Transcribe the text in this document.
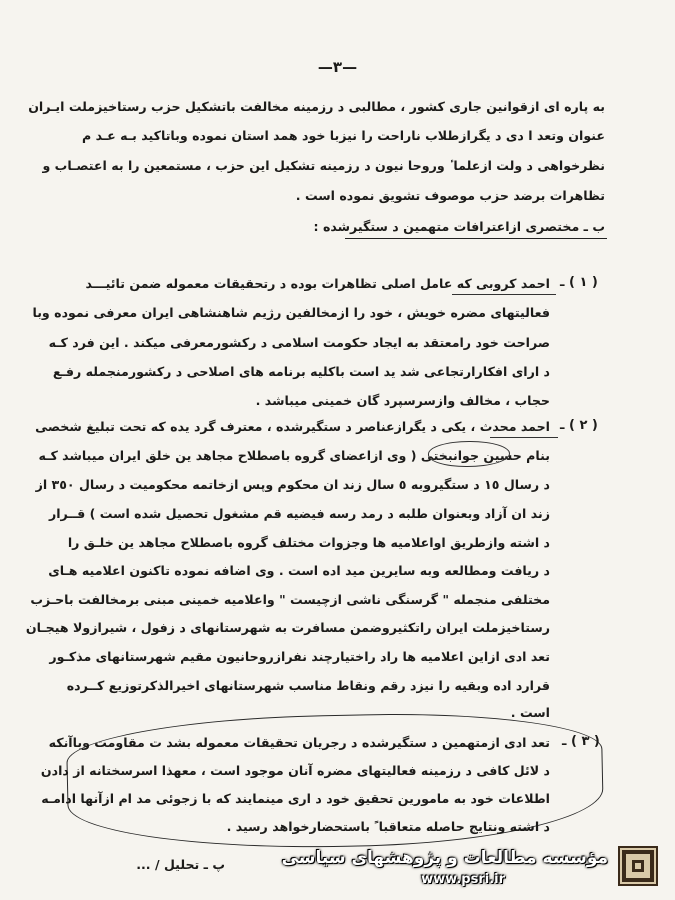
—٣—
به پاره ای ازقوانین جاری کشور ، مطالبی د رزمینه مخالفت باتشکیل حزب رستاخیزملت ایـران
عنوان وتعد ا دی د یگرازطلاب ناراحت را نیزبا خود همد استان نموده وباتاکید بـه عـد م
نظرخواهی د ولت ازعلما ٔ وروحا نیون د رزمینه تشکیل این حزب ، مستمعین را به اعتصـاب و
تظاهرات برضد حزب موصوف تشویق نموده است .
ب ـ مختصری ازاعترافات متهمین د ستگیرشده :
( ١ ) ـ
احمد کروبی که عامل اصلی تظاهرات بوده د رتحقیقات معموله ضمن تائیـــد
فعالیتهای مضره خویش ، خود را ازمخالفین رژیم شاهنشاهی ایران معرفی نموده وبا
صراحت خود رامعتقد به ایجاد حکومت اسلامی د رکشورمعرفی میکند . این فرد کـه
د ارای افکارارتجاعی شد ید است باکلیه برنامه های اصلاحی د رکشورمنجمله رفـع
حجاب ، مخالف وازسرسپرد گان خمینی میباشد .
( ٢ ) ـ
احمد محدث ، یکی د یگرازعناصر د ستگیرشده ، معترف گرد یده که تحت تبلیغ شخصی
بنام حسین جوانبختی ( وی ازاعضای گروه باصطلاح مجاهد ین خلق ایران میباشد کـه
د رسال ١٥ د ستگیروبه ٥ سال زند ان محکوم وپس ازخاتمه محکومیت د رسال ٣٥٠ از
زند ان آزاد وبعنوان طلبه د رمد رسه فیضیه قم مشغول تحصیل شده است ) قــرار
د اشته وازطریق اواعلامیه ها وجزوات مختلف گروه باصطلاح مجاهد ین خلـق را
د ریافت ومطالعه وبه سایرین مید اده است . وی اضافه نموده تاکنون اعلامیه هـای
مختلفی منجمله " گرسنگی ناشی ازچیست " واعلامیه خمینی مبنی برمخالفت باحـزب
رستاخیزملت ایران راتکثیروضمن مسافرت به شهرستانهای د زفول ، شیرازولا هیجـان
تعد ادی ازاین اعلامیه ها راد راختیارچند نفرازروحانیون مقیم شهرستانهای مذکـور
قرارد اده وبقیه را نیزد رقم ونقاط مناسب شهرستانهای اخیرالذکرتوزیع کــرده
است .
( ٣ ) ـ
تعد ادی ازمتهمین د ستگیرشده د رجریان تحقیقات معموله بشد ت مقاومت وباآنکه
د لائل کافی د رزمینه فعالیتهای مضره آنان موجود است ، معهذا اسرسختانه از دادن
اطلاعات خود به مامورین تحقیق خود د اری مینمایند که با زجوئی مد ام ازآنها ادامـه
د اشته ونتایج حاصله متعاقبا ً باستحضارخواهد رسید .
پ ـ تحلیل / ...	مؤسسه مطالعات و پژوهشهای سیاسی
www.psri.ir
